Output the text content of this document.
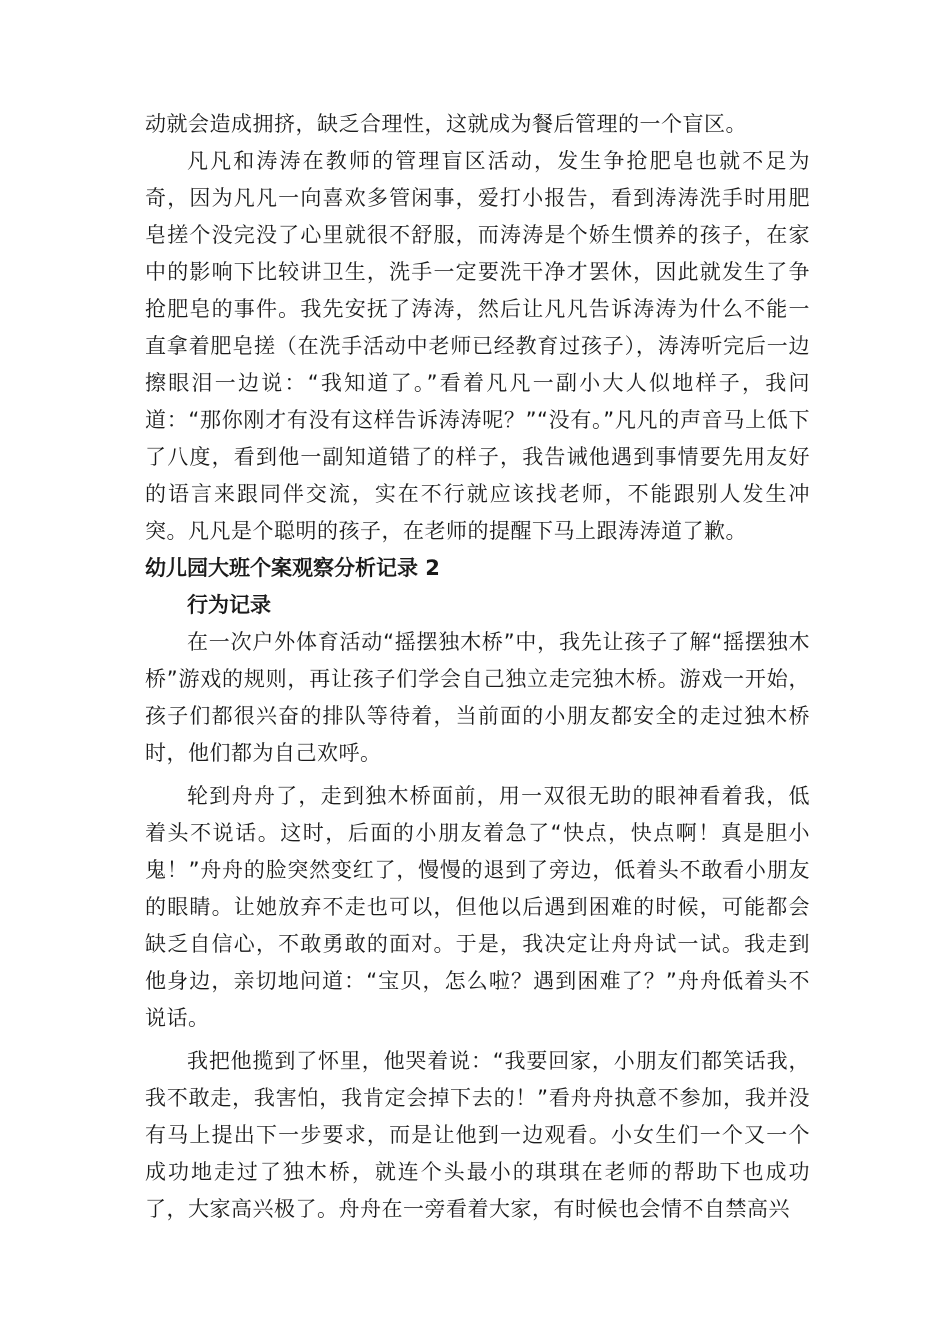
动就会造成拥挤，缺乏合理性，这就成为餐后管理的一个盲区。

凡凡和涛涛在教师的管理盲区活动，发生争抢肥皂也就不足为奇，因为凡凡一向喜欢多管闲事，爱打小报告，看到涛涛洗手时用肥皂搓个没完没了心里就很不舒服，而涛涛是个娇生惯养的孩子，在家中的影响下比较讲卫生，洗手一定要洗干净才罢休，因此就发生了争抢肥皂的事件。我先安抚了涛涛，然后让凡凡告诉涛涛为什么不能一直拿着肥皂搓（在洗手活动中老师已经教育过孩子），涛涛听完后一边擦眼泪一边说：“我知道了。”看着凡凡一副小大人似地样子，我问道：“那你刚才有没有这样告诉涛涛呢？”“没有。”凡凡的声音马上低下了八度，看到他一副知道错了的样子，我告诫他遇到事情要先用友好的语言来跟同伴交流，实在不行就应该找老师，不能跟别人发生冲突。凡凡是个聪明的孩子，在老师的提醒下马上跟涛涛道了歉。

幼儿园大班个案观察分析记录 2

行为记录

在一次户外体育活动“摇摆独木桥”中，我先让孩子了解“摇摆独木桥”游戏的规则，再让孩子们学会自己独立走完独木桥。游戏一开始，孩子们都很兴奋的排队等待着，当前面的小朋友都安全的走过独木桥时，他们都为自己欢呼。

轮到舟舟了，走到独木桥面前，用一双很无助的眼神看着我，低着头不说话。这时，后面的小朋友着急了“快点，快点啊！真是胆小鬼！”舟舟的脸突然变红了，慢慢的退到了旁边，低着头不敢看小朋友的眼睛。让她放弃不走也可以，但他以后遇到困难的时候，可能都会缺乏自信心，不敢勇敢的面对。于是，我决定让舟舟试一试。我走到他身边，亲切地问道：“宝贝，怎么啦？遇到困难了？”舟舟低着头不说话。

我把他揽到了怀里，他哭着说：“我要回家，小朋友们都笑话我，我不敢走，我害怕，我肯定会掉下去的！”看舟舟执意不参加，我并没有马上提出下一步要求，而是让他到一边观看。小女生们一个又一个成功地走过了独木桥，就连个头最小的琪琪在老师的帮助下也成功了，大家高兴极了。舟舟在一旁看着大家，有时候也会情不自禁高兴
